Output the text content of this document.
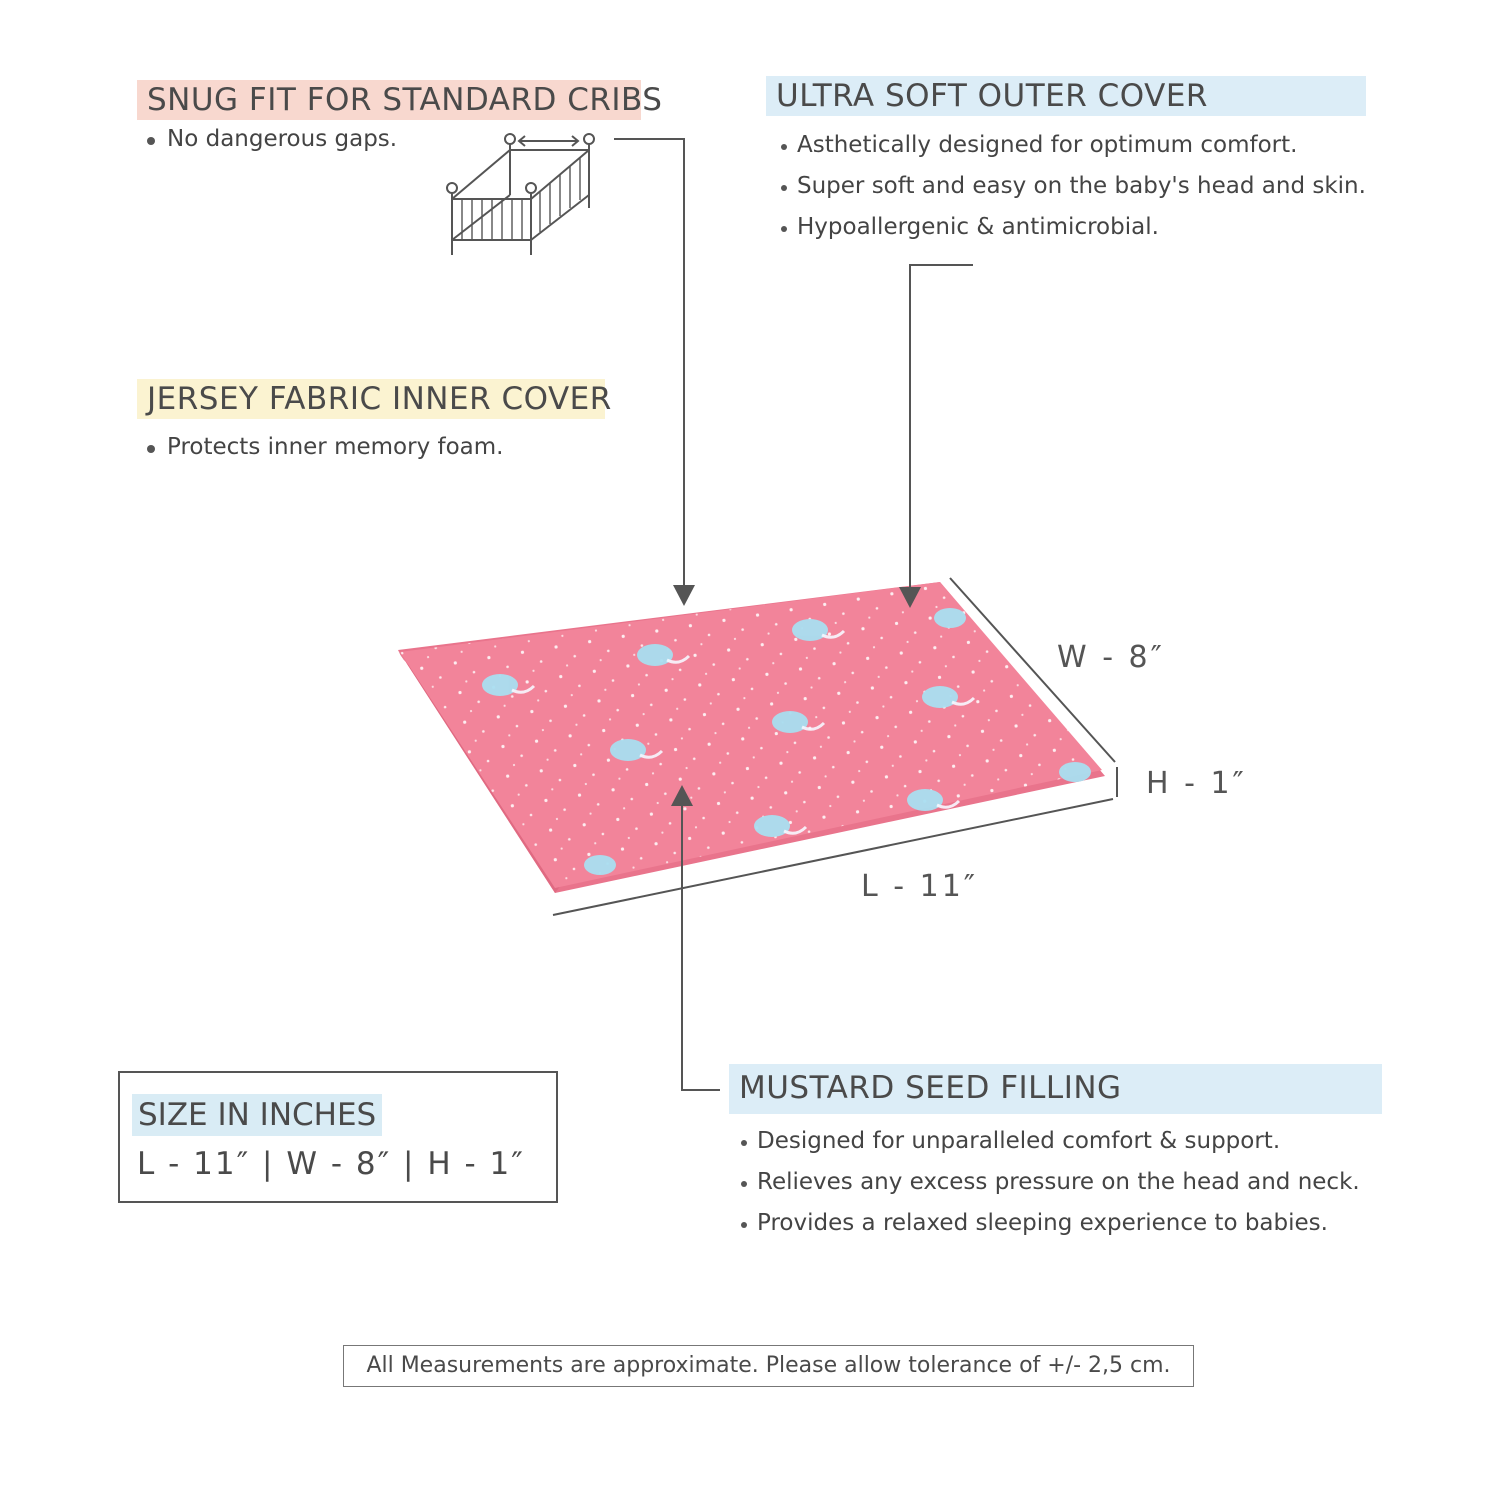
SNUG FIT FOR STANDARD CRIBS
No dangerous gaps.
ULTRA SOFT OUTER COVER
Asthetically designed for optimum comfort.
Super soft and easy on the baby's head and skin.
Hypoallergenic & antimicrobial.
JERSEY FABRIC INNER COVER
Protects inner memory foam.
MUSTARD SEED FILLING
Designed for unparalleled comfort & support.
Relieves any excess pressure on the head and neck.
Provides a relaxed sleeping experience to babies.
W - 8″
H - 1″
L - 11″
SIZE IN INCHES
L - 11″ | W - 8″ | H - 1″
All Measurements are approximate. Please allow tolerance of +/- 2,5 cm.
